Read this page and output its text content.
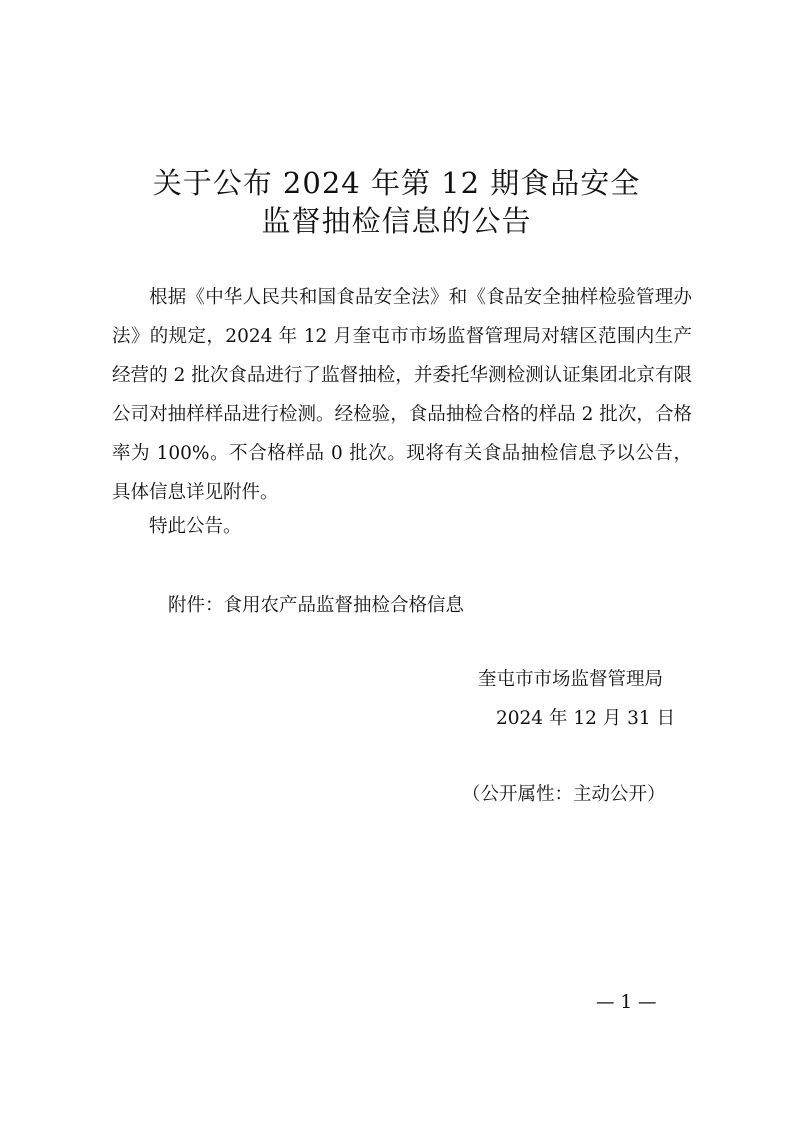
关于公布 2024 年第 12 期食品安全
监督抽检信息的公告

根据《中华人民共和国食品安全法》和《食品安全抽样检验管理办法》的规定，2024 年 12 月奎屯市市场监督管理局对辖区范围内生产经营的 2 批次食品进行了监督抽检，并委托华测检测认证集团北京有限公司对抽样样品进行检测。经检验，食品抽检合格的样品 2 批次，合格率为 100%。不合格样品 0 批次。现将有关食品抽检信息予以公告，具体信息详见附件。

特此公告。
附件：食用农产品监督抽检合格信息
奎屯市市场监督管理局
2024 年 12 月 31 日
（公开属性：主动公开）
— 1 —
